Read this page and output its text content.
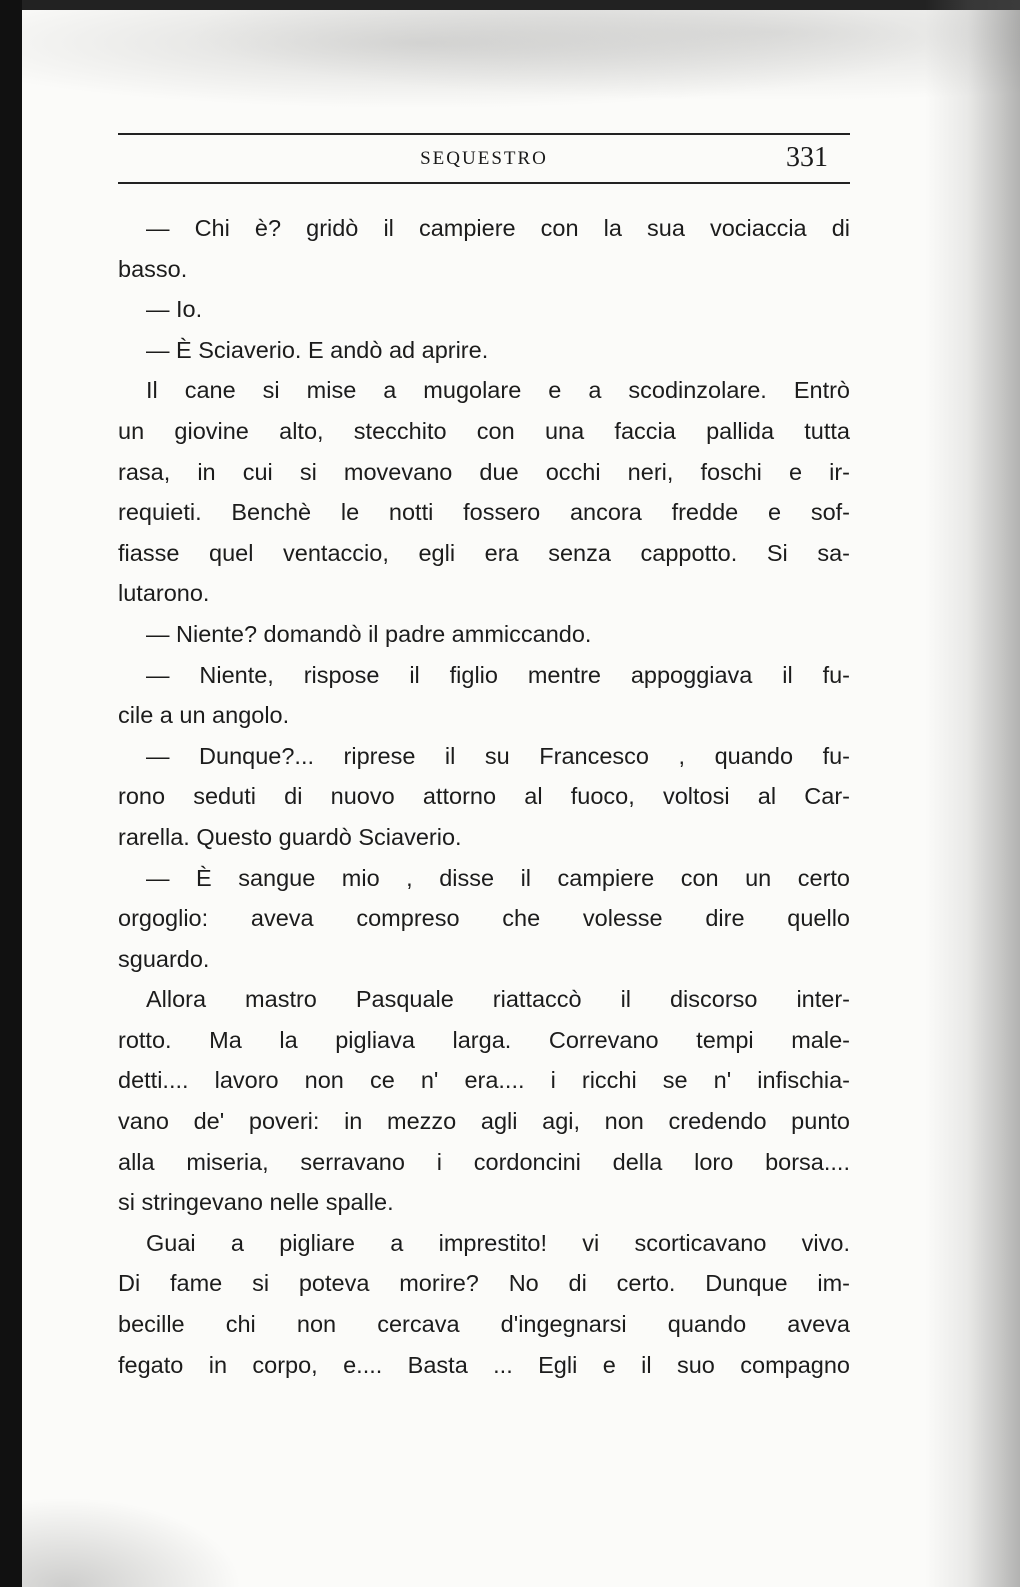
SEQUESTRO	331
— Chi è? gridò il campiere con la sua vociaccia di
basso.
— Io.
— È Sciaverio. E andò ad aprire.
Il cane si mise a mugolare e a scodinzolare. Entrò
un giovine alto, stecchito con una faccia pallida tutta
rasa, in cui si movevano due occhi neri, foschi e ir-
requieti. Benchè le notti fossero ancora fredde e sof-
fiasse quel ventaccio, egli era senza cappotto. Si sa-
lutarono.
— Niente? domandò il padre ammiccando.
— Niente, rispose il figlio mentre appoggiava il fu-
cile a un angolo.
— Dunque?... riprese il su Francesco , quando fu-
rono seduti di nuovo attorno al fuoco, voltosi al Car-
rarella. Questo guardò Sciaverio.
— È sangue mio , disse il campiere con un certo
orgoglio: aveva compreso che volesse dire quello
sguardo.
Allora mastro Pasquale riattaccò il discorso inter-
rotto. Ma la pigliava larga. Correvano tempi male-
detti.... lavoro non ce n' era.... i ricchi se n' infischia-
vano de' poveri: in mezzo agli agi, non credendo punto
alla miseria, serravano i cordoncini della loro borsa....
si stringevano nelle spalle.
Guai a pigliare a imprestito! vi scorticavano vivo.
Di fame si poteva morire? No di certo. Dunque im-
becille chi non cercava d'ingegnarsi quando aveva
fegato in corpo, e.... Basta ... Egli e il suo compagno
